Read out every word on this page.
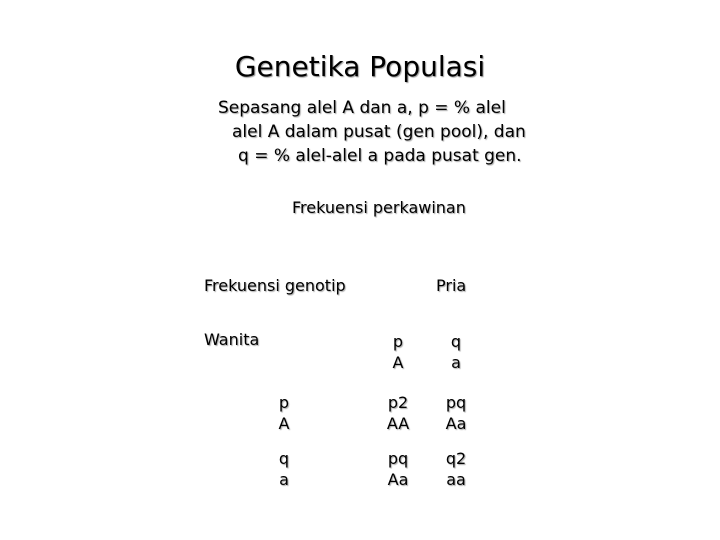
Genetika Populasi
Sepasang alel A dan a, p = % alel
alel A dalam pusat (gen pool), dan
q = % alel-alel a pada pusat gen.
Frekuensi perkawinan
Frekuensi genotip	Pria
Wanita	p
A
q
a
p
A
p2
AA
pq
Aa
q
a
pq
Aa
q2
aa
